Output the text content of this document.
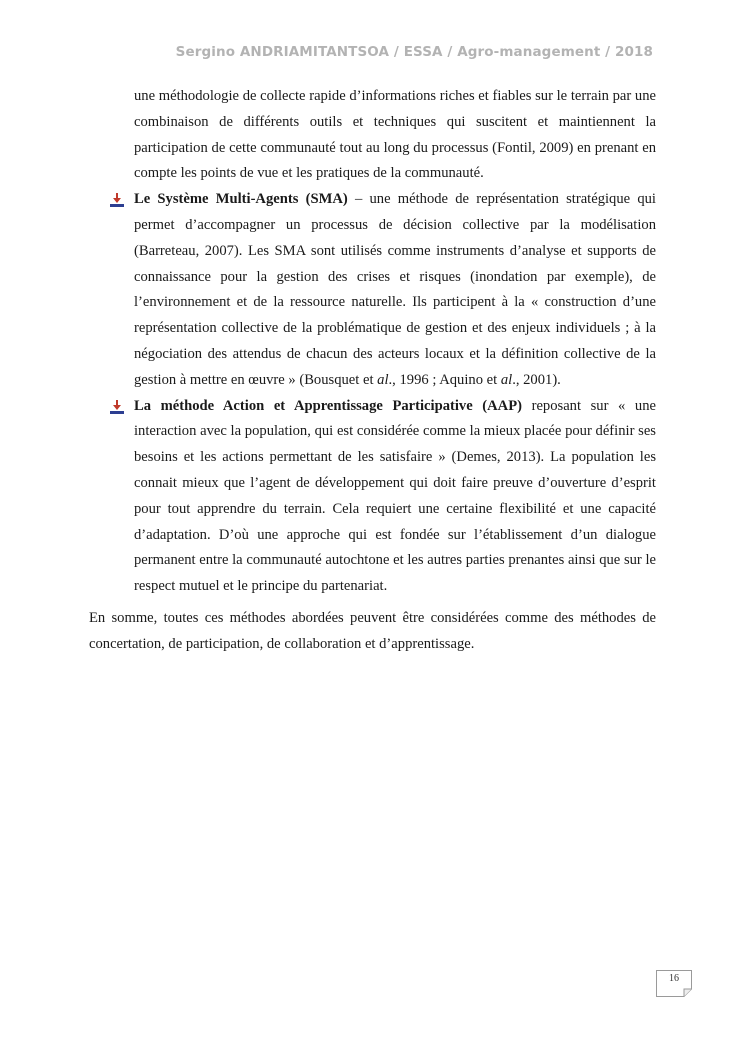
Sergino ANDRIAMITANTSOA / ESSA / Agro-management / 2018

une méthodologie de collecte rapide d’informations riches et fiables sur le terrain par une combinaison de différents outils et techniques qui suscitent et maintiennent la participation de cette communauté tout au long du processus (Fontil, 2009) en prenant en compte les points de vue et les pratiques de la communauté.

Le Système Multi-Agents (SMA) – une méthode de représentation stratégique qui permet d’accompagner un processus de décision collective par la modélisation (Barreteau, 2007). Les SMA sont utilisés comme instruments d’analyse et supports de connaissance pour la gestion des crises et risques (inondation par exemple), de l’environnement et de la ressource naturelle. Ils participent à la « construction d’une représentation collective de la problématique de gestion et des enjeux individuels ; à la négociation des attendus de chacun des acteurs locaux et la définition collective de la gestion à mettre en œuvre » (Bousquet et al., 1996 ; Aquino et al., 2001).
La méthode Action et Apprentissage Participative (AAP) reposant sur « une interaction avec la population, qui est considérée comme la mieux placée pour définir ses besoins et les actions permettant de les satisfaire » (Demes, 2013). La population les connait mieux que l’agent de développement qui doit faire preuve d’ouverture d’esprit pour tout apprendre du terrain. Cela requiert une certaine flexibilité et une capacité d’adaptation. D’où une approche qui est fondée sur l’établissement d’un dialogue permanent entre la communauté autochtone et les autres parties prenantes ainsi que sur le respect mutuel et le principe du partenariat.

En somme, toutes ces méthodes abordées peuvent être considérées comme des méthodes de concertation, de participation, de collaboration et d’apprentissage.

16
